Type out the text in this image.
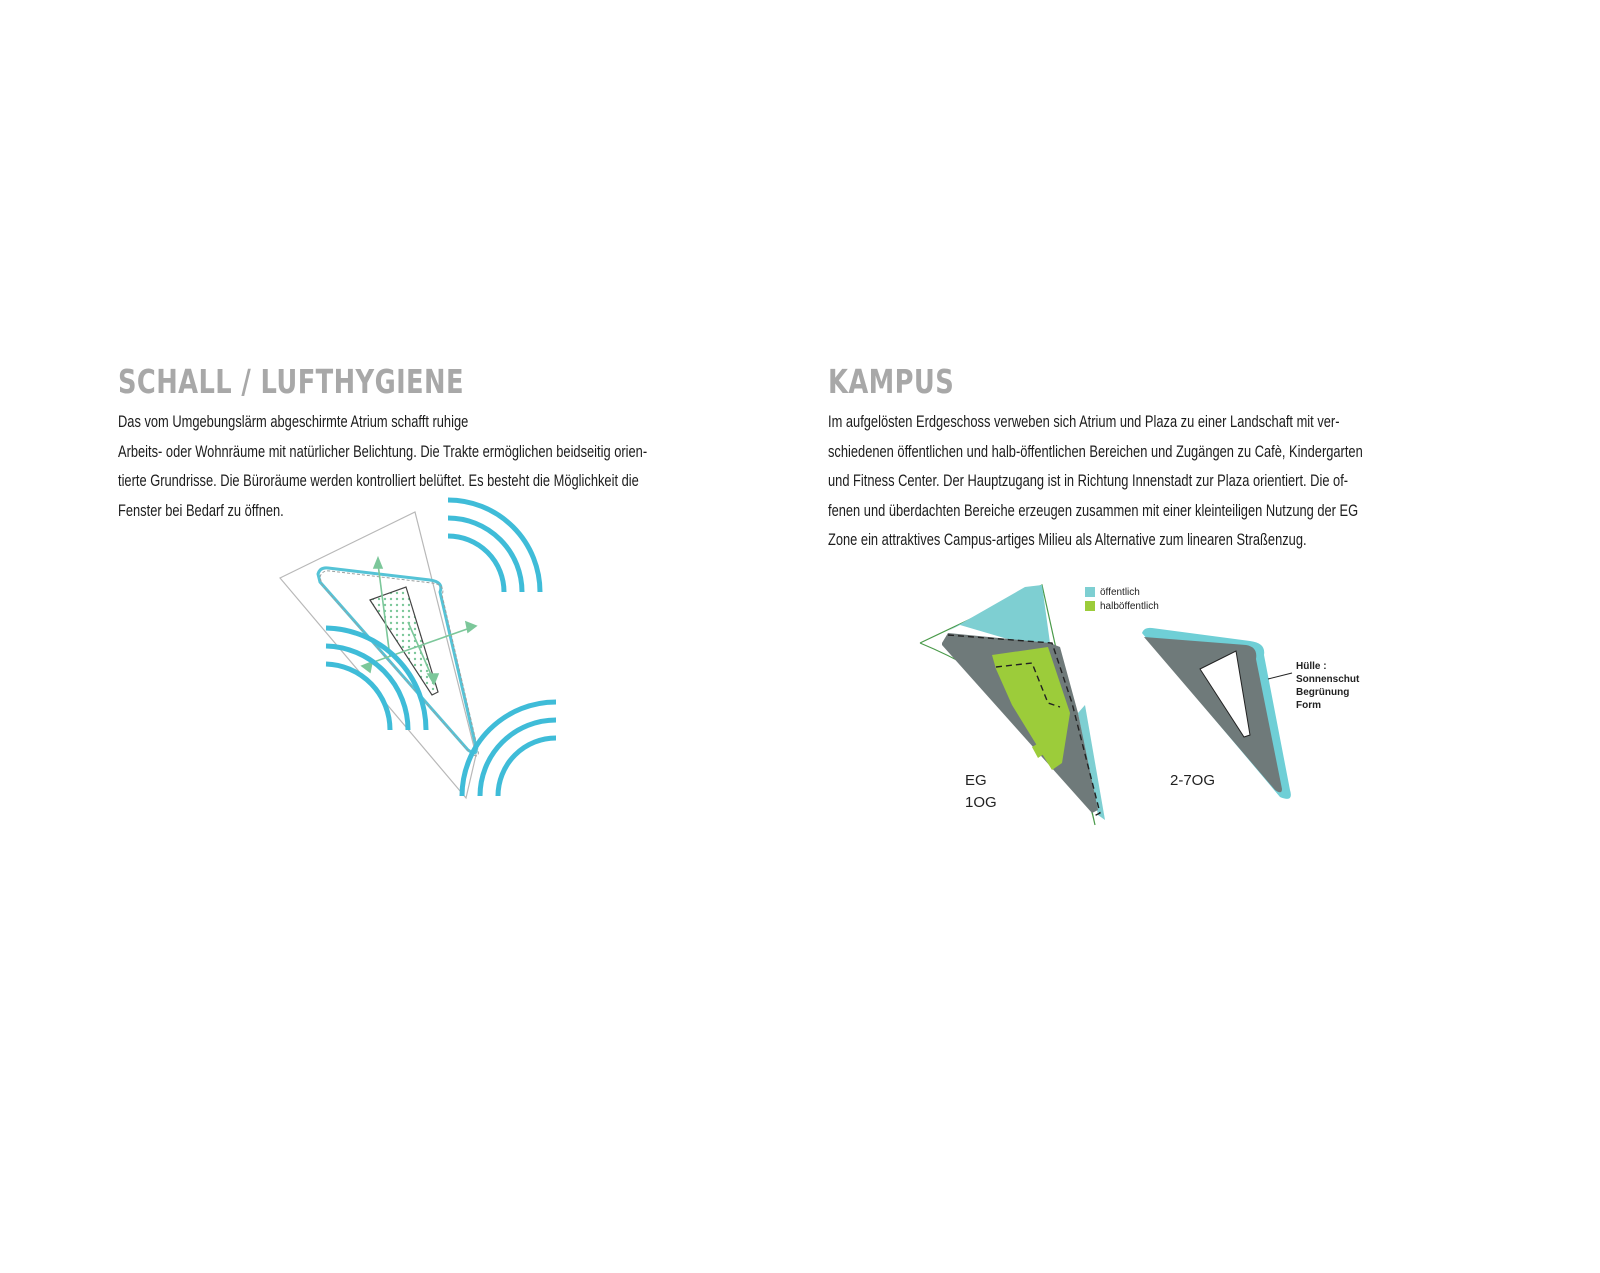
SCHALL / LUFTHYGIENE

Das vom Umgebungslärm abgeschirmte Atrium schafft ruhige
Arbeits- oder Wohnräume mit natürlicher Belichtung. Die Trakte ermöglichen beidseitig orien-
tierte Grundrisse. Die Büroräume werden kontrolliert belüftet. Es besteht die Möglichkeit die
Fenster bei Bedarf zu öffnen.

KAMPUS

Im aufgelösten Erdgeschoss verweben sich Atrium und Plaza zu einer Landschaft mit ver-
schiedenen öffentlichen und halb-öffentlichen Bereichen und Zugängen zu Cafè, Kindergarten
und Fitness Center. Der Hauptzugang ist in Richtung Innenstadt zur Plaza orientiert. Die of-
fenen und überdachten Bereiche erzeugen zusammen mit einer kleinteiligen Nutzung der EG
Zone ein attraktives Campus-artiges Milieu als Alternative zum linearen Straßenzug.

öffentlich
halböffentlich
EG
1OG
2-7OG
Hülle :
Sonnenschut
Begrünung
Form
